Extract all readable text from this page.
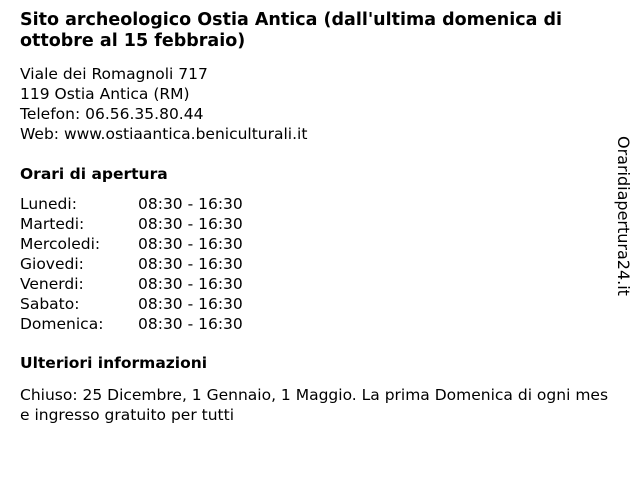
Sito archeologico Ostia Antica (dall'ultima domenica di ottobre al 15 febbraio)
Viale dei Romagnoli 717
119 Ostia Antica (RM)
Telefon: 06.56.35.80.44
Web: www.ostiaantica.beniculturali.it
Orari di apertura
Lunedi:	08:30 - 16:30
Martedi:	08:30 - 16:30
Mercoledi: 08:30 - 16:30
Giovedi:	08:30 - 16:30
Venerdi:	08:30 - 16:30
Sabato:	08:30 - 16:30
Domenica: 08:30 - 16:30
Ulteriori informazioni
Chiuso: 25 Dicembre, 1 Gennaio, 1 Maggio. La prima Domenica di ogni mese ingresso gratuito per tutti
Oraridiapertura24.it
